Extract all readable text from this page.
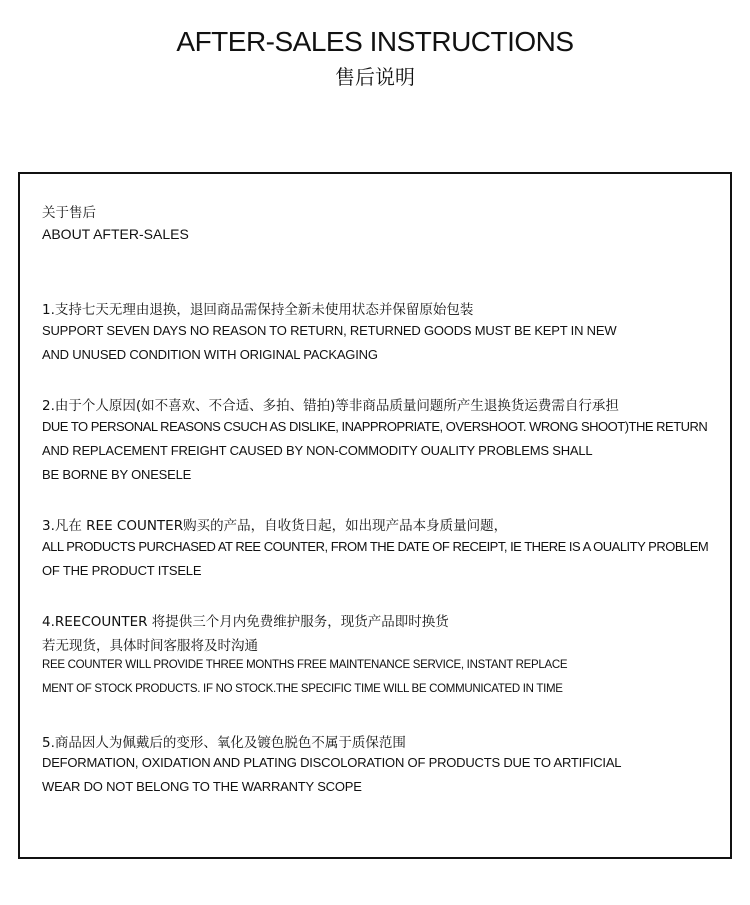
AFTER-SALES INSTRUCTIONS
售后说明
关于售后
ABOUT AFTER-SALES
1.支持七天无理由退换，退回商品需保持全新未使用状态并保留原始包装
SUPPORT SEVEN DAYS NO REASON TO RETURN, RETURNED GOODS MUST BE KEPT IN NEW
AND UNUSED CONDITION WITH ORIGINAL PACKAGING
2.由于个人原因(如不喜欢、不合适、多拍、错拍)等非商品质量问题所产生退换货运费需自行承担
DUE TO PERSONAL REASONS CSUCH AS DISLIKE, INAPPROPRIATE, OVERSHOOT. WRONG SHOOT)THE RETURN
AND REPLACEMENT FREIGHT CAUSED BY NON-COMMODITY OUALITY PROBLEMS SHALL
BE BORNE BY ONESELE
3.凡在 REE COUNTER购买的产品，自收货日起，如出现产品本身质量问题，
ALL PRODUCTS PURCHASED AT REE COUNTER, FROM THE DATE OF RECEIPT, IE THERE IS A OUALITY PROBLEM
OF THE PRODUCT ITSELE
4.REECOUNTER 将提供三个月内免费维护服务，现货产品即时换货
若无现货，具体时间客服将及时沟通
REE COUNTER WILL PROVIDE THREE MONTHS FREE MAINTENANCE SERVICE, INSTANT REPLACE
MENT OF STOCK PRODUCTS. IF NO STOCK.THE SPECIFIC TIME WILL BE COMMUNICATED IN TIME
5.商品因人为佩戴后的变形、氧化及镀色脱色不属于质保范围
DEFORMATION, OXIDATION AND PLATING DISCOLORATION OF PRODUCTS DUE TO ARTIFICIAL
WEAR DO NOT BELONG TO THE WARRANTY SCOPE
